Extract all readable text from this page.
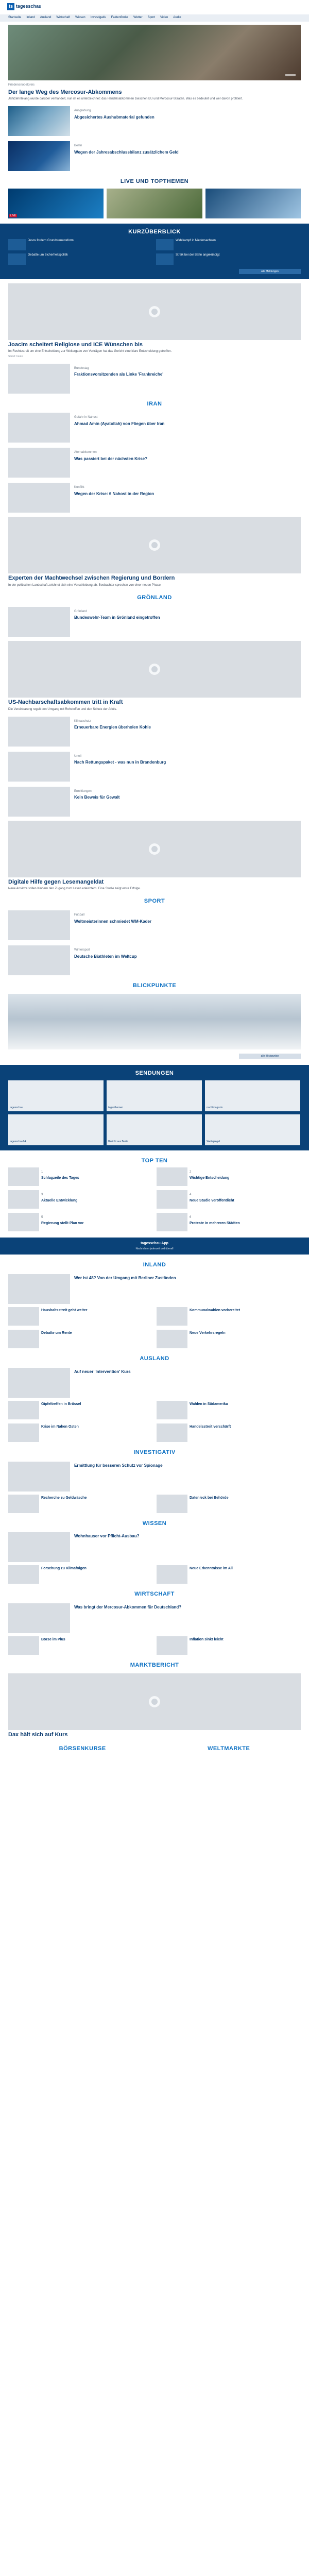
ts tagesschau
Startseite Inland Ausland Wirtschaft Wissen Investigativ Faktenfinder Wetter Sport Video Audio
Friedensnobelpreis
Der lange Weg des Mercosur-Abkommens
Jahrzehntelang wurde darüber verhandelt, nun ist es unterzeichnet: das Handelsabkommen zwischen EU und Mercosur-Staaten. Was es bedeutet und wer davon profitiert.
Ausgrabung
Abgesichertes Aushubmaterial gefunden
Berlin
Wegen der Jahresabschlussbilanz zusätzlichem Geld
LIVE UND TOPTHEMEN
LIVE
KURZÜBERBLICK
Jusos fordern Grundsteuerreform	Wahlkampf in Niedersachsen
Debatte um Sicherheitspolitik	Streik bei der Bahn angekündigt
alle Meldungen
Joacim scheitert Religiose und ICE Wünschen bis
Im Rechtsstreit um eine Entscheidung zur Weitergabe von Verträgen hat das Gericht eine klare Entscheidung getroffen.
Stand: heute
Bundestag
Fraktionsvorsitzenden als Linke 'Frankreiche'
IRAN
Gefahr in Nahost
Ahmad Amin (Ayatollah) von Fliegen über Iran
Atomabkommen
Was passiert bei der nächsten Krise?
Konflikt
Wegen der Krise: 6 Nahost in der Region
Experten der Machtwechsel zwischen Regierung und Bordern
In der politischen Landschaft zeichnet sich eine Verschiebung ab. Beobachter sprechen von einer neuen Phase.
GRÖNLAND
Grönland
Bundeswehr-Team in Grönland eingetroffen
US-Nachbarschaftsabkommen tritt in Kraft
Die Vereinbarung regelt den Umgang mit Rohstoffen und den Schutz der Arktis.
Klimaschutz
Erneuerbare Energien überholen Kohle
Urteil
Nach Rettungspaket - was nun in Brandenburg
Ermittlungen
Kein Beweis für Gewalt
Digitale Hilfe gegen Lesemangeldat
Neue Ansätze sollen Kindern den Zugang zum Lesen erleichtern. Eine Studie zeigt erste Erfolge.
SPORT
Fußball
Weltmeisterinnen schmiedet WM-Kader
Wintersport
Deutsche Biathleten im Weltcup
BLICKPUNKTE
alle Blickpunkte
SENDUNGEN
tagesschau	tagesthemen	nachtmagazin
tagesschau24	Bericht aus Berlin	Weltspiegel
TOP TEN
1
Schlagzeile des Tages
2
Wichtige Entscheidung
3
Aktuelle Entwicklung
4
Neue Studie veröffentlicht
5
Regierung stellt Plan vor
6
Proteste in mehreren Städten
tagesschau App
Nachrichten jederzeit und überall
INLAND
Wer ist 48? Von der Umgang mit Berliner Zuständen
Haushaltsstreit geht weiter	Kommunalwahlen vorbereitet
Debatte um Rente	Neue Verkehrsregeln
AUSLAND
Auf neuer 'Intervention' Kurs
Gipfeltreffen in Brüssel	Wahlen in Südamerika
Krise im Nahen Osten	Handelsstreit verschärft
INVESTIGATIV
Ermittlung für besseren Schutz vor Spionage
Recherche zu Geldwäsche	Datenleck bei Behörde
WISSEN
Wohnhauser vor Pflicht-Ausbau?
Forschung zu Klimafolgen	Neue Erkenntnisse im All
WIRTSCHAFT
Was bringt der Mercosur-Abkommen für Deutschland?
Börse im Plus	Inflation sinkt leicht
MARKTBERICHT
Dax hält sich auf Kurs
BÖRSENKURSE	WELTMARKTE
